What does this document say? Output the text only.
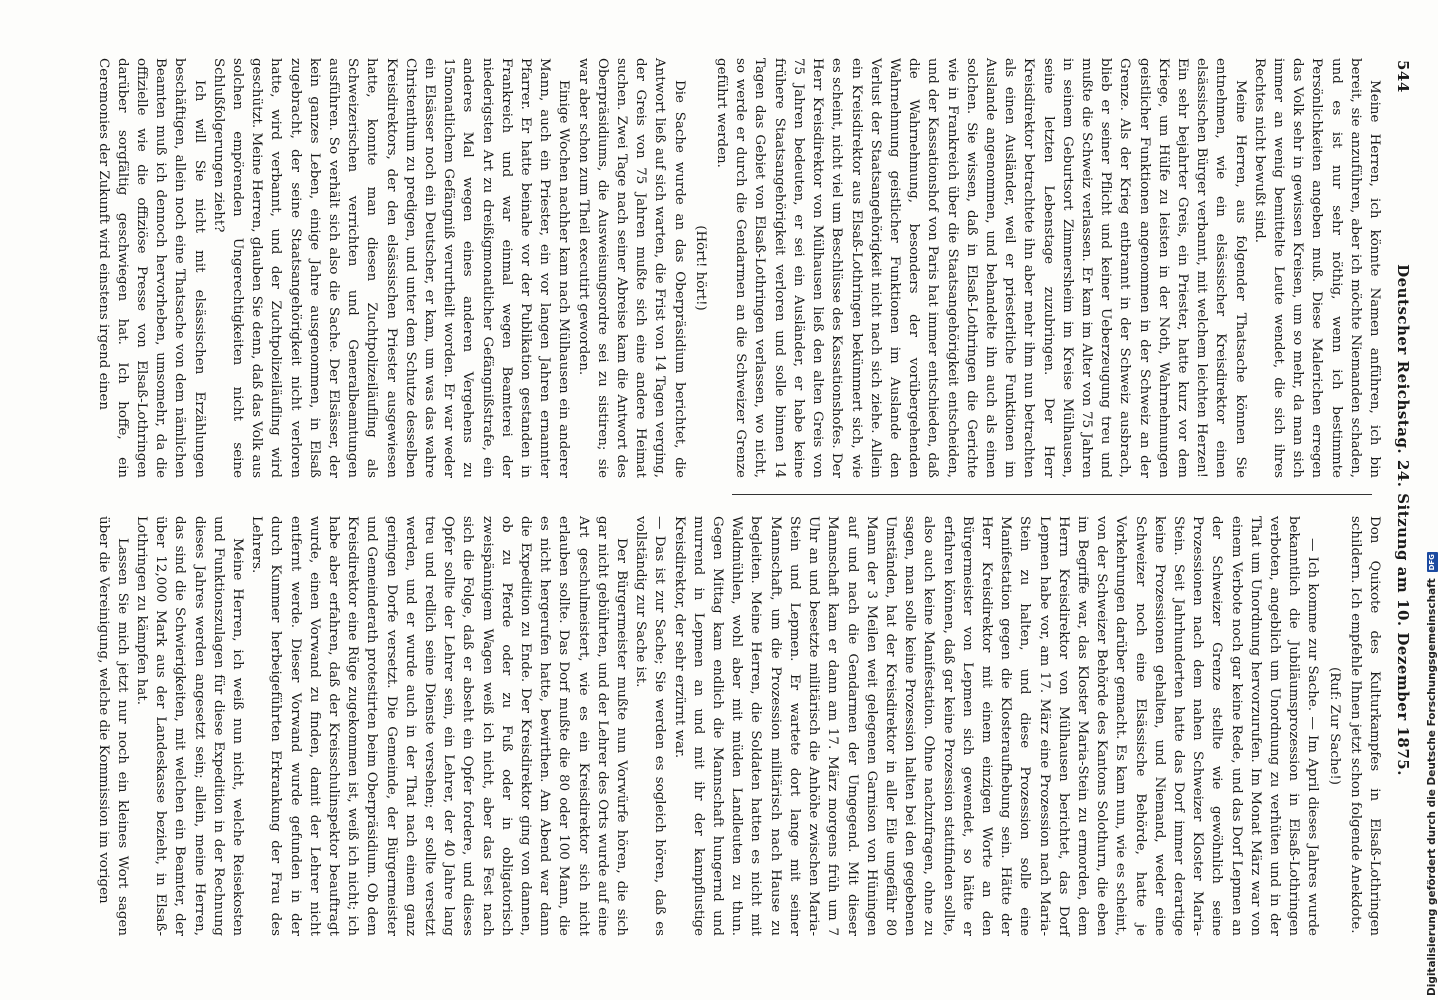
544
Deutscher Reichstag. 24. Sitzung am 10. Dezember 1875.

Meine Herren, ich könnte Namen anführen, ich bin bereit, sie anzuführen, aber ich möchte Niemanden schaden, und es ist nur sehr nöthig, wenn ich bestimmte Persönlichkeiten angeben muß. Diese Malerichen erregen das Volk sehr in gewissen Kreisen, um so mehr, da man sich immer an wenig bemittelte Leute wendet, die sich ihres Rechtes nicht bewußt sind.

Meine Herren, aus folgender Thatsache können Sie entnehmen, wie ein elsässischer Kreisdirektor einen elsässischen Bürger verbannt, mit welchem leichten Herzen! Ein sehr bejahrter Greis, ein Priester, hatte kurz vor dem Kriege, um Hülfe zu leisten in der Noth, Wahrnehmungen geistlicher Funktionen angenommen in der Schweiz an der Grenze. Als der Krieg entbrannt in der Schweiz ausbrach, blieb er seiner Pflicht und keiner Ueberzeugung treu und mußte die Schweiz verlassen. Er kam im Alter von 75 Jahren in seinem Geburtsort Zimmersheim im Kreise Mülhausen, seine letzten Lebenstage zuzubringen. Der Herr Kreisdirektor betrachtete ihn aber mehr ihm nun betrachten als einen Ausländer, weil er priesterliche Funktionen im Auslande angenommen, und behandelte ihn auch als einen solchen. Sie wissen, daß in Elsaß-Lothringen die Gerichte wie in Frankreich über die Staatsangehörigkeit entscheiden, und der Kassationshof von Paris hat immer entschieden, daß die Wahrnehmung, besonders der vorübergehenden Wahrnehmung geistlicher Funktionen im Auslande den Verlust der Staatsangehörigkeit nicht nach sich ziehe. Allein ein Kreisdirektor aus Elsaß-Lothringen bekümmert sich, wie es scheint, nicht viel um Beschlüsse des Kassationshofes. Der Herr Kreisdirektor von Mülhausen ließ den alten Greis von 75 Jahren bedeuten, er sei ein Ausländer, er habe keine frühere Staatsangehörigkeit verloren und solle binnen 14 Tagen das Gebiet von Elsaß-Lothringen verlassen, wo nicht, so werde er durch die Gendarmen an die Schweizer Grenze geführt werden.

(Hört! hört!)

Die Sache wurde an das Oberpräsidium berichtet, die Antwort ließ auf sich warten, die Frist von 14 Tagen verging, der Greis von 75 Jahren mußte sich eine andere Heimat suchen. Zwei Tage nach seiner Abreise kam die Antwort des Oberpräsidiums, die Ausweisungsordre sei zu sistiren; sie war aber schon zum Theil executirt geworden.

Einige Wochen nachher kam nach Mülhausen ein anderer Mann, auch ein Priester, ein vor langen Jahren ernannter Pfarrer. Er hatte beinahe vor der Publikation gestanden in Frankreich und war einmal wegen Beamterei der niederigsten Art zu dreißigmonatlicher Gefängnißstrafe, ein anderes Mal wegen eines anderen Vergehens zu 15monatlichem Gefängniß verurtheilt worden. Er war weder ein Elsässer noch ein Deutscher, er kam, um was das wahre Christenthum zu predigen, und unter dem Schutze desselben Kreisdirektors, der den elsässischen Priester ausgewiesen hatte, konnte man diesen Zuchtpolizeiläufling als Schweizerischen verrichten und Generalbeamtungen ausführen. So verhält sich also die Sache. Der Elsässer, der kein ganzes Leben, einige Jahre ausgenommen, in Elsaß zugebracht, der seine Staatsangehörigkeit nicht verloren hatte, wird verbannt, und der Zuchtpolizeiläufling wird geschützt. Meine Herren, glauben Sie denn, daß das Volk aus solchen empörenden Ungerechtigkeiten nicht seine Schlußfolgerungen zieht?

Ich will Sie nicht mit elsässischen Erzählungen beschäftigen, allein noch eine Thatsache von dem nämlichen Beamten muß ich dennoch hervorheben, umsomehr, da die offizielle wie die offiziöse Presse von Elsaß-Lothringen darüber sorgfältig geschwiegen hat. Ich hoffe, ein Ceremonies der Zukunft wird einstens irgend einen

Don Quixote des Kulturkampfes in Elsaß-Lothringen schildern. Ich empfehle Ihnen jetzt schon folgende Anekdote.

(Ruf: Zur Sache!)

— Ich komme zur Sache. — Im April dieses Jahres wurde bekanntlich die Jubiläumsprozession in Elsaß-Lothringen verboten, angeblich um Unordnung zu verhüten und in der That um Unordnung hervorzurufen. Im Monat März war von einem Verbote noch gar keine Rede, und das Dorf Lepmen an der Schweizer Grenze stellte wie gewöhnlich seine Prozessionen nach dem nahen Schweizer Kloster Maria-Stein. Seit Jahrhunderten hatte das Dorf immer derartige keine Prozessionen gehalten, und Niemand, weder eine Schweizer noch eine Elsässische Behörde, hatte je Vorkehrungen darüber gemacht. Es kam nun, wie es scheint, von der Schweizer Behörde des Kantons Solothurn, die eben im Begriffe war, das Kloster Maria-Stein zu ermorden, dem Herrn Kreisdirektor von Mülhausen berichtet, das Dorf Lepmen habe vor, am 17. März eine Prozession nach Maria-Stein zu halten, und diese Prozession solle eine Manifestation gegen die Klosteraufhebung sein. Hätte der Herr Kreisdirektor mit einem einzigen Worte an den Bürgermeister von Lepmen sich gewendet, so hätte er erfahren können, daß gar keine Prozession stattfinden sollte, also auch keine Manifestation. Ohne nachzufragen, ohne zu sagen, man solle keine Prozession halten bei den gegebenen Umständen, hat der Kreisdirektor in aller Eile ungefähr 80 Mann der 3 Meilen weit gelegenen Garnison von Hüningen auf und nach die Gendarmen der Umgegend. Mit dieser Mannschaft kam er dann am 17. März morgens früh um 7 Uhr an und besetzte militärisch die Anhöhe zwischen Maria-Stein und Lepmen. Er wartete dort lange mit seiner Mannschaft, um die Prozession militärisch nach Hause zu begleiten. Meine Herren, die Soldaten hatten es nicht mit Waldmühlen, wohl aber mit müden Landleuten zu thun. Gegen Mittag kam endlich die Mannschaft hungernd und murrend in Lepmen an und mit ihr der kampflustige Kreisdirektor, der sehr erzürnt war.

— Das ist zur Sache; Sie werden es sogleich hören, daß es vollständig zur Sache ist.

Der Bürgermeister mußte nun Vorwürfe hören, die sich gar nicht gebührten, und der Lehrer des Orts wurde auf eine Art geschulmeistert, wie es ein Kreisdirektor sich nicht erlauben sollte. Das Dorf mußte die 80 oder 100 Mann, die es nicht hergerufen hatte, bewirthen. Am Abend war dann die Expedition zu Ende. Der Kreisdirektor ging von dannen, ob zu Pferde oder zu Fuß oder in obligatorisch zweispännigem Wagen weiß ich nicht, aber das Fest nach sich die Folge, daß er abseht ein Opfer fordere, und dieses Opfer sollte der Lehrer sein, ein Lehrer, der 40 Jahre lang treu und redlich seine Dienste versehen; er sollte versetzt werden, und er wurde auch in der That nach einem ganz geringen Dorfe versetzt. Die Gemeinde, der Bürgermeister und Gemeinderath protestirten beim Oberpräsidium. Ob dem Kreisdirektor eine Rüge zugekommen ist, weiß ich nicht; ich habe aber erfahren, daß der Kreisschulinspektor beauftragt wurde, einen Vorwand zu finden, damit der Lehrer nicht entfernt werde. Dieser Vorwand wurde gefunden in der durch Kummer herbeigeführten Erkrankung der Frau des Lehrers.

Meine Herren, ich weiß nun nicht, welche Reisekosten und Funktionszulagen für diese Expedition in der Rechnung dieses Jahres werden angesetzt sein; allein, meine Herren, das sind die Schwierigkeiten, mit welchen ein Beamter, der über 12,000 Mark aus der Landeskasse bezieht, in Elsaß-Lothringen zu kämpfen hat.

Lassen Sie mich jetzt nur noch ein kleines Wort sagen über die Vereinigung, welche die Kommission im vorigen	Digitalisierung gefördert durch die Deutsche Forschungsgemeinschaft
DFG
